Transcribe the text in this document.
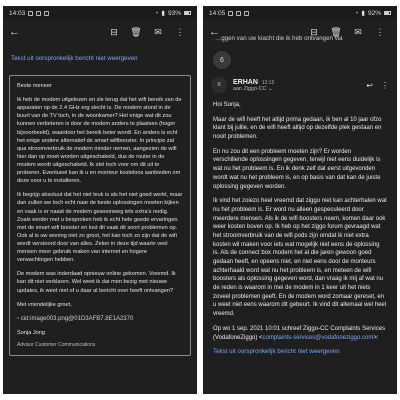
14:03	◔ ▮ 93%
←	⊟	🗑︎	✉	⋮
Tekst uit oorspronkelijk bericht niet weergeven

Beste meneer

Ik heb de modem uitgelezen en zie terug dat het wifi bereik van de apparaten op de 2.4 GHz erg slecht is. De modem stond in de buurt van de TV toch, in de woonkamer? Het enige wat dit zou kunnen verbeteren is door de modem anders te plaatsen (hoger bijvoorbeeld), waardoor het bereik beter wordt. En anders is echt het enige andere alternatief de smart wifibooster. In principe zal qua stroomverbruik de modem minder nemen, aangezien de wifi hier dan op moet worden uitgeschakeld, dus de router in de modem wordt uitgeschakeld. Ik stel toch voor om dit uit te proberen. Eventueel kan ik u en monteur kosteloos aanbieden om deze voor u te installeren.

Ik begrijp absoluut dat het niet leuk is als het niet goed werkt, maar dan zullen we toch echt naar de beste oplossingen moeten kijken en vaak is er naast de modem gewoonweg iets extra's nodig. Zoals eerder met u besproken heb ik echt hele goede ervaringen met de smart wifi booster en lost dit vaak dit soort problemen op. Ook al is uw woning niet zo groot, het kan toch zo zijn dat de wifi wordt verstoord door van alles. Zeker in deze tijd waarin veel mensen meer gebruik maken van internet en hogere verwachtingen hebben.

De modem was inderdaad opnieuw online gekomen. Vreemd. Ik kan dit niet verklaren. Wel weet ik dat men bezig met nieuwe updates, ik weet niet of u daar al bericht over heeft ontvangen?

Met vriendelijke groet,

▫ cid:image003.png@01D3AFB7.8E1A2370
Sonja Jong
Advisor Customer Communications
14:05	◔ ▮ 92%
←	⊟	🗑︎	✉	⋮
…ggen van uw klacht die ik heb ontvangen via
6
≡	ERHAN 13:15
aan Ziggo-CC ⌄	↩ ⋮

Hoi Sonja,

Maar de wifi heeft het altijd prima gedaan, ik ben al 10 jaar ofzo klant bij jullie, en de wifi heeft altijd op dezelfde plek gestaan en nooit problemen.

En nu zou dit een probleem moeten zijn? Er worden verschillende oplossingen gegeven, terwijl niet eens duidelijk is wat nu het probleem is. En ik denk zelf dat eerst uitgevonden wordt wat nu het probleem is, en op basis van dat kan de juiste oplossing gegeven worden.

Ik vind het zoiezo heel vreemd dat ziggo niet kan achterhalen wat nu het probleem is. Er word nu alleen gespeculeerd door meerdere mensen. Als ik de wifi boosters neem, komen daar ook weer kosten boven op. Ik heb op het ziggo forum gevraagd wat het stroomverbruik van de wifi pods zijn omdat ik niet extra kosten wil maken voor iets wat mogelijk niet eens de oplossing is. Als de connect box modem het al die jaren gewoon goed gedaan heeft, en opeens niet, en niet eens door de monteurs achterhaald word wat nu het probleem is, en meteen de wifi boosters als oplossing gegeven word, dan vraag ik mij af wat nu de reden is waarom in mei de modem in 1 keer uit het niets zoveel problemen geeft. En de modem word zomaar gereset, en u weet niet eens waarom dit gebeurt. Ik vind dit allemaal wel heel vreemd.

Op wo 1 sep. 2021 10:01 schreef Ziggo-CC Complaints Services (VodafoneZiggo) <complaints-services@vodafoneziggo.com>:

Tekst uit oorspronkelijk bericht niet weergeven
